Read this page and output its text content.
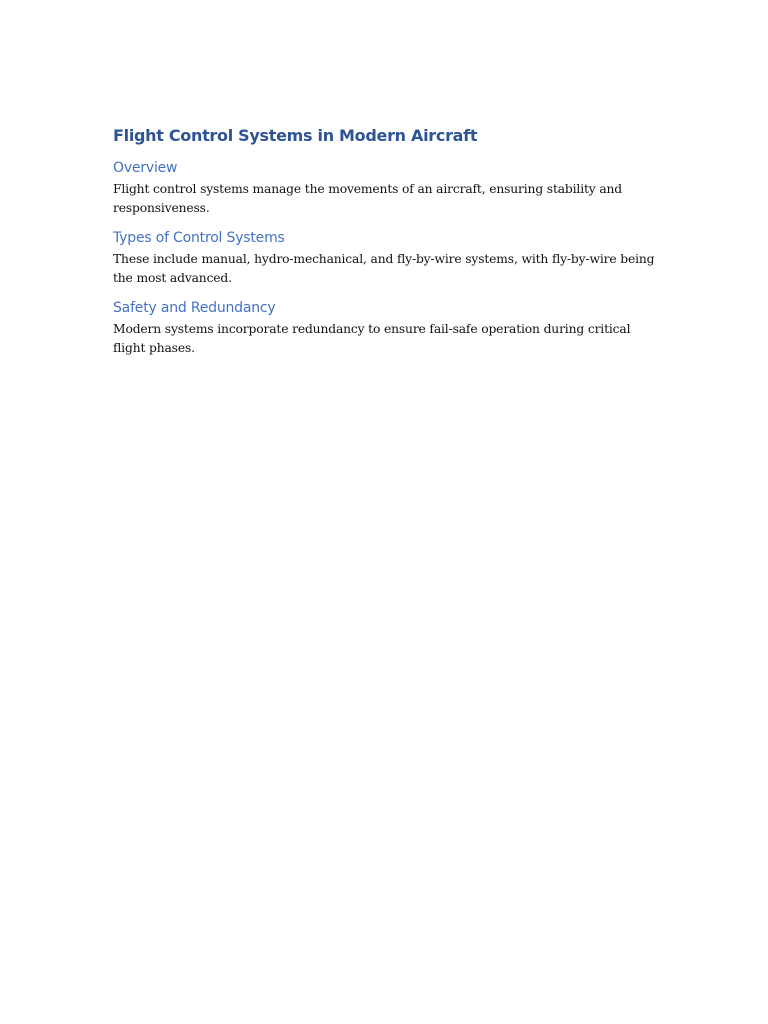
Flight Control Systems in Modern Aircraft
Overview

Flight control systems manage the movements of an aircraft, ensuring stability and responsiveness.

Types of Control Systems

These include manual, hydro-mechanical, and fly-by-wire systems, with fly-by-wire being the most advanced.

Safety and Redundancy

Modern systems incorporate redundancy to ensure fail-safe operation during critical flight phases.
